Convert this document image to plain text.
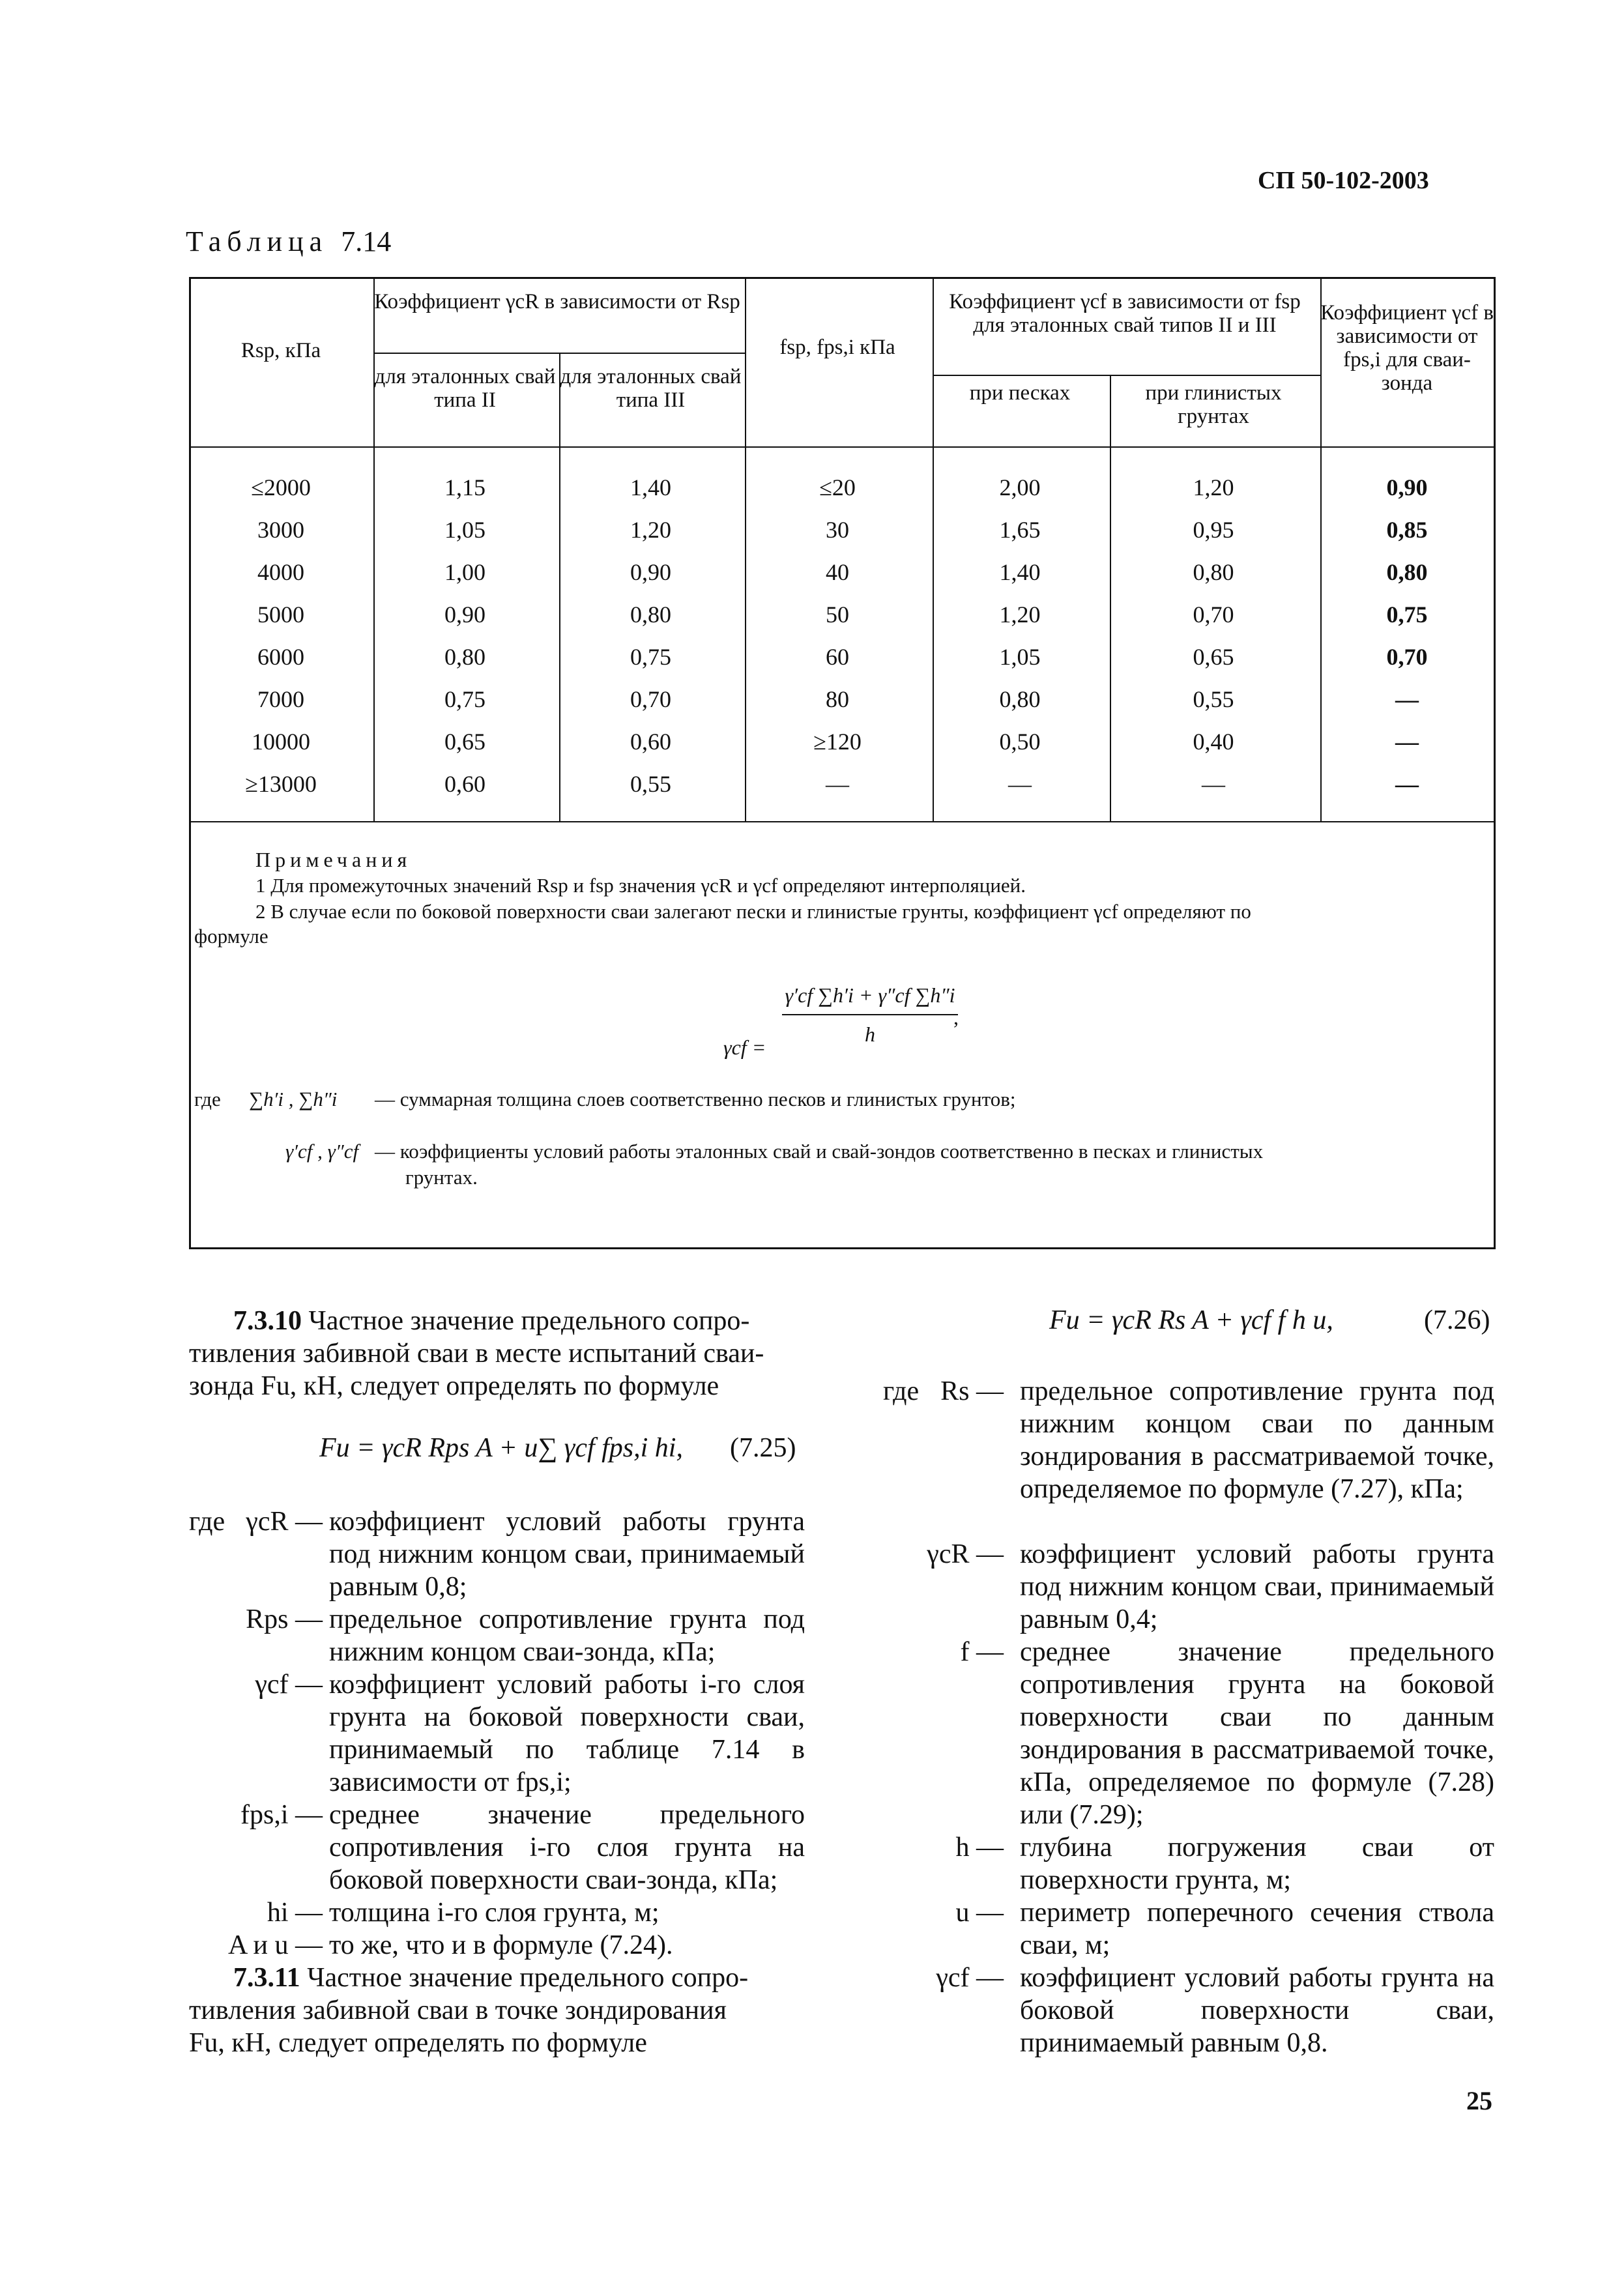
СП 50-102-2003
Таблица 7.14
Rsp, кПа
Коэффициент γcR в зависимости от Rsp
для эталонных свай типа II
для эталонных свай типа III
fsp, fps,i кПа
Коэффициент γcf в зависимости от fsp для эталонных свай типов II и III
при песках	при глинистых грунтах
Коэффициент γcf в зависимости от fps,i для сваи-зонда
≤2000	1,15	1,40	≤20	2,00	1,20	0,90
3000	1,05	1,20	30	1,65	0,95	0,85
4000	1,00	0,90	40	1,40	0,80	0,80
5000	0,90	0,80	50	1,20	0,70	0,75
6000	0,80	0,75	60	1,05	0,65	0,70
7000	0,75	0,70	80	0,80	0,55	—
10000	0,65	0,60	≥120	0,50	0,40	—
≥13000	0,60	0,55	—	—	—	—
Примечания
1 Для промежуточных значений Rsp и fsp значения γcR и γcf определяют интерполяцией.
2 В случае если по боковой поверхности сваи залегают пески и глинистые грунты, коэффициент γcf определяют по
формуле
γcf =
γ′cf ∑h′i + γ″cf ∑h″i
h
,
где ∑h′i , ∑h″i — суммарная толщина слоев соответственно песков и глинистых грунтов;
γ′cf , γ″cf — коэффициенты условий работы эталонных свай и свай-зондов соответственно в песках и глинистых
грунтах.
7.3.10 Частное значение предельного сопро-
тивления забивной сваи в месте испытаний сваи-
зонда Fu, кН, следует определять по формуле
Fu = γcR Rps A + u∑ γcf fps,i hi, (7.25)
где γcR — коэффициент условий работы грунта под нижним концом сваи, принимаемый равным 0,8;
Rps — предельное сопротивление грунта под нижним концом сваи-зонда, кПа;
γcf — коэффициент условий работы i-го слоя грунта на боковой поверхности сваи, принимаемый по таблице 7.14 в зависимости от fps,i;
fps,i — среднее значение предельного сопротивления i-го слоя грунта на боковой поверхности сваи-зонда, кПа;
hi — толщина i-го слоя грунта, м;
A и u — то же, что и в формуле (7.24).
7.3.11 Частное значение предельного сопро-
тивления забивной сваи в точке зондирования
Fu, кН, следует определять по формуле
Fu = γcR Rs A + γcf f h u,	(7.26)
где Rs — предельное сопротивление грунта под нижним концом сваи по данным зондирования в рассматриваемой точке, определяемое по формуле (7.27), кПа;
γcR — коэффициент условий работы грунта под нижним концом сваи, принимаемый равным 0,4;
f — среднее значение предельного сопротивления грунта на боковой поверхности сваи по данным зондирования в рассматриваемой точке, кПа, определяемое по формуле (7.28) или (7.29);
h — глубина погружения сваи от поверхности грунта, м;
u — периметр поперечного сечения ствола сваи, м;
γcf — коэффициент условий работы грунта на боковой поверхности сваи, принимаемый равным 0,8.
25
